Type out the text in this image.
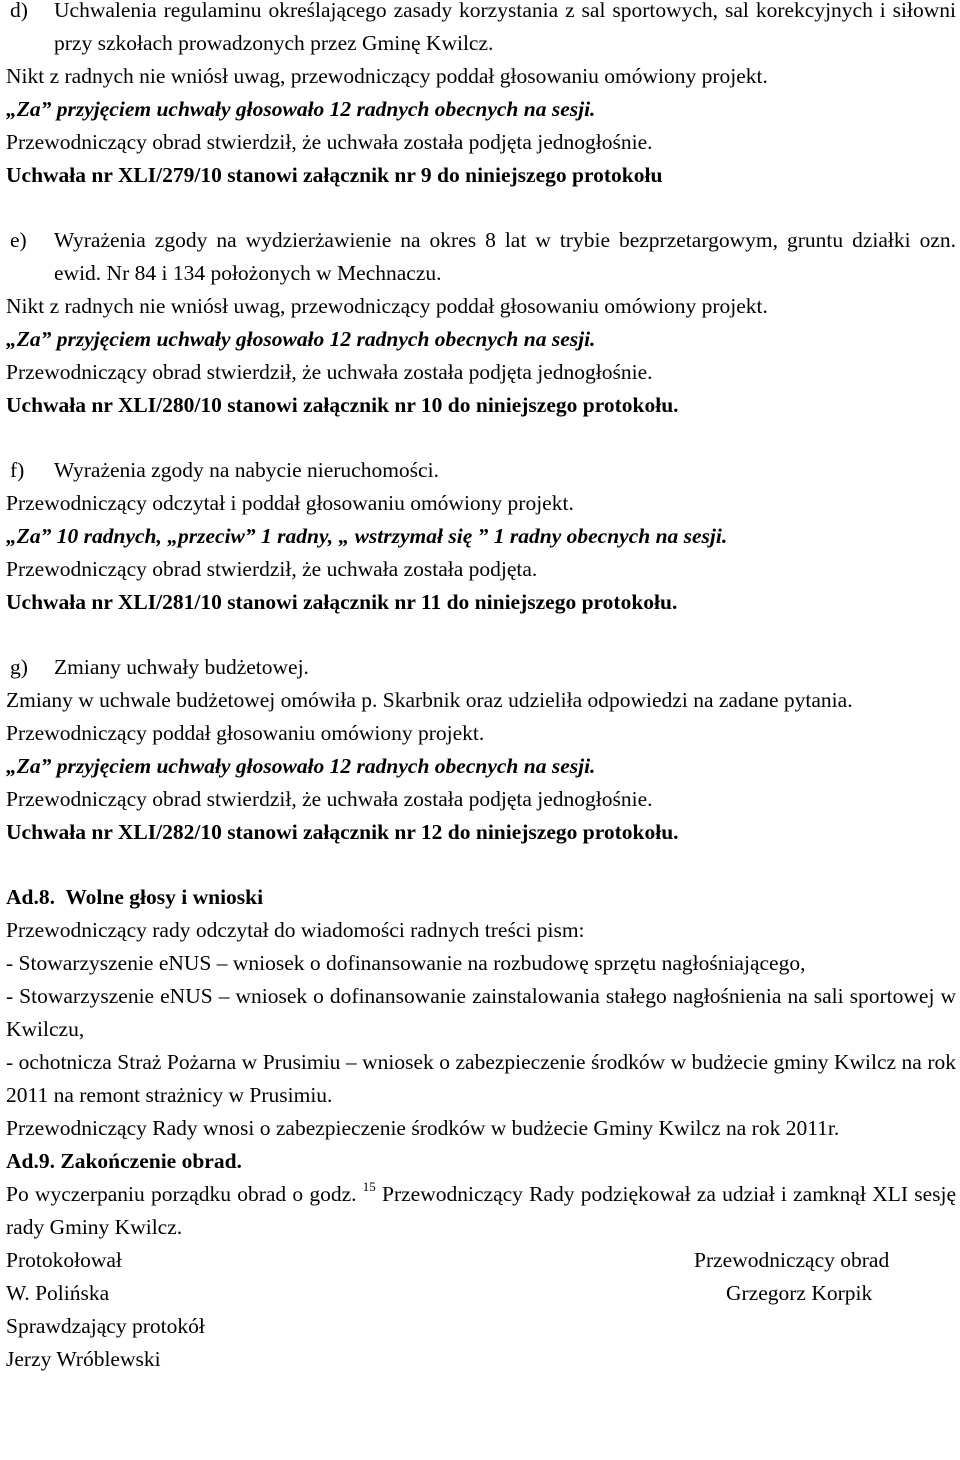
d)	Uchwalenia regulaminu określającego zasady korzystania z sal sportowych, sal korekcyjnych i siłowni przy szkołach prowadzonych przez Gminę Kwilcz.

Nikt z radnych nie wniósł uwag, przewodniczący poddał głosowaniu omówiony projekt.

„Za” przyjęciem uchwały głosowało 12 radnych obecnych na sesji.

Przewodniczący obrad stwierdził, że uchwała została podjęta jednogłośnie.

Uchwała nr XLI/279/10 stanowi załącznik nr 9 do niniejszego protokołu

e)	Wyrażenia zgody na wydzierżawienie na okres 8 lat w trybie bezprzetargowym, gruntu działki ozn. ewid. Nr 84 i 134 położonych w Mechnaczu.

Nikt z radnych nie wniósł uwag, przewodniczący poddał głosowaniu omówiony projekt.

„Za” przyjęciem uchwały głosowało 12 radnych obecnych na sesji.

Przewodniczący obrad stwierdził, że uchwała została podjęta jednogłośnie.

Uchwała nr XLI/280/10 stanowi załącznik nr 10 do niniejszego protokołu.

f)	Wyrażenia zgody na nabycie nieruchomości.

Przewodniczący odczytał i poddał głosowaniu omówiony projekt.

„Za” 10 radnych, „przeciw” 1 radny, „ wstrzymał się ” 1 radny obecnych na sesji.

Przewodniczący obrad stwierdził, że uchwała została podjęta.

Uchwała nr XLI/281/10 stanowi załącznik nr 11 do niniejszego protokołu.

g)	Zmiany uchwały budżetowej.

Zmiany w uchwale budżetowej omówiła p. Skarbnik oraz udzieliła odpowiedzi na zadane pytania.

Przewodniczący poddał głosowaniu omówiony projekt.

„Za” przyjęciem uchwały głosowało 12 radnych obecnych na sesji.

Przewodniczący obrad stwierdził, że uchwała została podjęta jednogłośnie.

Uchwała nr XLI/282/10 stanowi załącznik nr 12 do niniejszego protokołu.

Ad.8. Wolne głosy i wnioski

Przewodniczący rady odczytał do wiadomości radnych treści pism:

- Stowarzyszenie eNUS – wniosek o dofinansowanie na rozbudowę sprzętu nagłośniającego,

- Stowarzyszenie eNUS – wniosek o dofinansowanie zainstalowania stałego nagłośnienia na sali sportowej w Kwilczu,

- ochotnicza Straż Pożarna w Prusimiu – wniosek o zabezpieczenie środków w budżecie gminy Kwilcz na rok 2011 na remont strażnicy w Prusimiu.

Przewodniczący Rady wnosi o zabezpieczenie środków w budżecie Gminy Kwilcz na rok 2011r.

Ad.9. Zakończenie obrad.

Po wyczerpaniu porządku obrad o godz. $^{15}$ Przewodniczący Rady podziękował za udział i zamknął XLI sesję rady Gminy Kwilcz.

Protokołował	Przewodniczący obrad
W. Polińska	Grzegorz Korpik

Sprawdzający protokół

Jerzy Wróblewski
